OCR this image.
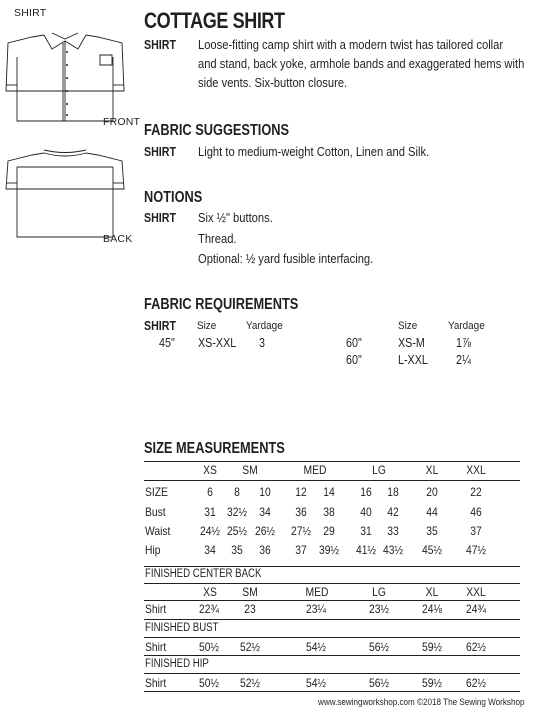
SHIRT
FRONT
BACK
COTTAGE SHIRT
SHIRT Loose-fitting camp shirt with a modern twist has tailored collar
and stand, back yoke, armhole bands and exaggerated hems with
side vents. Six-button closure.
FABRIC SUGGESTIONS
SHIRT Light to medium-weight Cotton, Linen and Silk.
NOTIONS
SHIRT Six ½" buttons.
Thread.
Optional: ½ yard fusible interfacing.
FABRIC REQUIREMENTS
SHIRT Size	Yardage
45" XS-XXL 3
Size	Yardage
60"	XS-M 1⅞
60"	L-XXL 2¼
SIZE MEASUREMENTS
XS	SM	MED	LG	XL	XXL
SIZE	6	8	10	12	14	16	18	20	22
Bust	31 32½	34	36	38	40	42	44	46
Waist	24½ 25½ 26½	27½	29	31	33	35	37
Hip	34	35	36	37	39½	41½ 43½	45½	47½
FINISHED CENTER BACK
XS	SM	MED	LG	XL	XXL
Shirt	22¾	23	23¼	23½	24⅛	24¾
FINISHED BUST
Shirt	50½	52½	54½	56½	59½	62½
FINISHED HIP
Shirt	50½	52½	54½	56½	59½	62½
www.sewingworkshop.com ©2018 The Sewing Workshop
